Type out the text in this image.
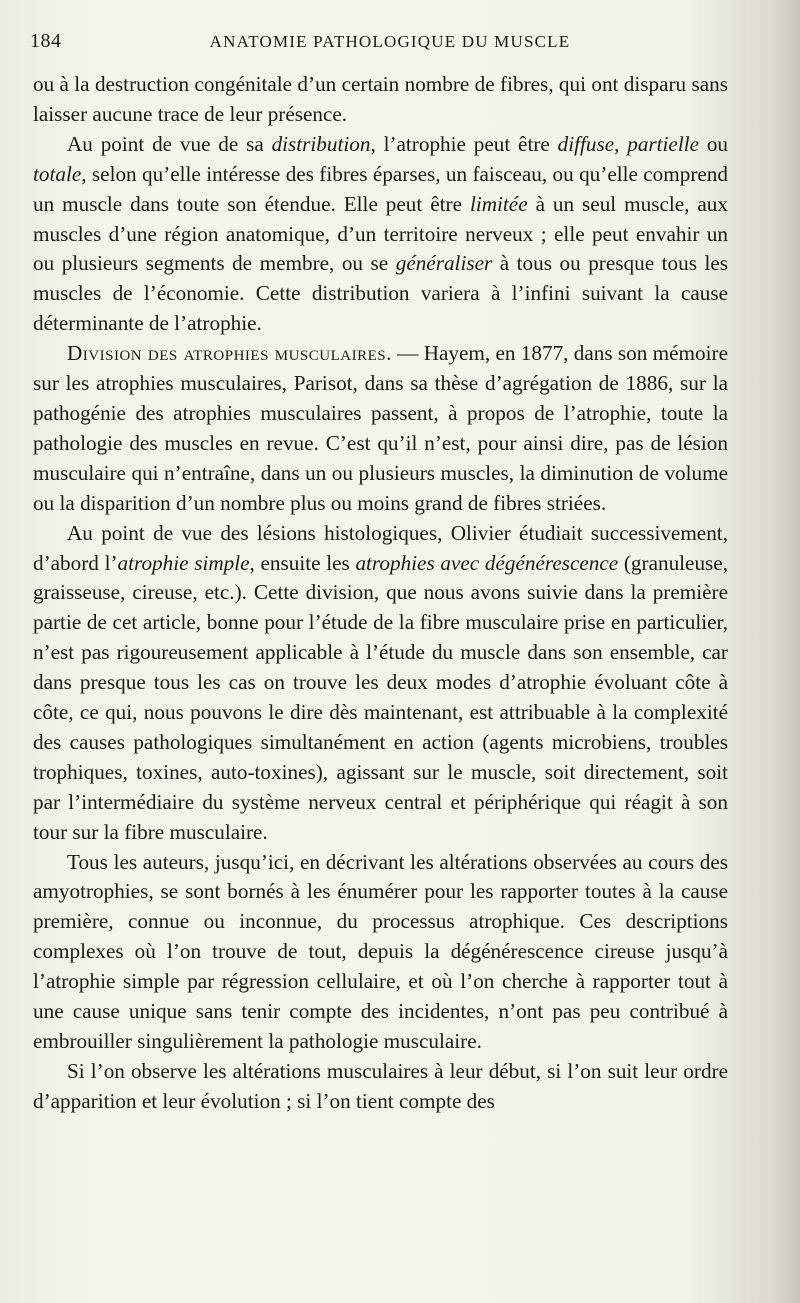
184	ANATOMIE PATHOLOGIQUE DU MUSCLE

ou à la destruction congénitale d’un certain nombre de fibres, qui ont disparu sans laisser aucune trace de leur présence.

Au point de vue de sa distribution, l’atrophie peut être diffuse, partielle ou totale, selon qu’elle intéresse des fibres éparses, un faisceau, ou qu’elle comprend un muscle dans toute son étendue. Elle peut être limitée à un seul muscle, aux muscles d’une région anatomique, d’un territoire nerveux ; elle peut envahir un ou plusieurs segments de membre, ou se généraliser à tous ou presque tous les muscles de l’économie. Cette distribution variera à l’infini suivant la cause déterminante de l’atrophie.

Division des atrophies musculaires. — Hayem, en 1877, dans son mémoire sur les atrophies musculaires, Parisot, dans sa thèse d’agrégation de 1886, sur la pathogénie des atrophies musculaires passent, à propos de l’atrophie, toute la pathologie des muscles en revue. C’est qu’il n’est, pour ainsi dire, pas de lésion musculaire qui n’entraîne, dans un ou plusieurs muscles, la diminution de volume ou la disparition d’un nombre plus ou moins grand de fibres striées.

Au point de vue des lésions histologiques, Olivier étudiait successivement, d’abord l’atrophie simple, ensuite les atrophies avec dégénérescence (granuleuse, graisseuse, cireuse, etc.). Cette division, que nous avons suivie dans la première partie de cet article, bonne pour l’étude de la fibre musculaire prise en particulier, n’est pas rigoureusement applicable à l’étude du muscle dans son ensemble, car dans presque tous les cas on trouve les deux modes d’atrophie évoluant côte à côte, ce qui, nous pouvons le dire dès maintenant, est attribuable à la complexité des causes pathologiques simultanément en action (agents microbiens, troubles trophiques, toxines, auto-toxines), agissant sur le muscle, soit directement, soit par l’intermédiaire du système nerveux central et périphérique qui réagit à son tour sur la fibre musculaire.

Tous les auteurs, jusqu’ici, en décrivant les altérations observées au cours des amyotrophies, se sont bornés à les énumérer pour les rapporter toutes à la cause première, connue ou inconnue, du processus atrophique. Ces descriptions complexes où l’on trouve de tout, depuis la dégénérescence cireuse jusqu’à l’atrophie simple par régression cellulaire, et où l’on cherche à rapporter tout à une cause unique sans tenir compte des incidentes, n’ont pas peu contribué à embrouiller singulièrement la pathologie musculaire.

Si l’on observe les altérations musculaires à leur début, si l’on suit leur ordre d’apparition et leur évolution ; si l’on tient compte des
